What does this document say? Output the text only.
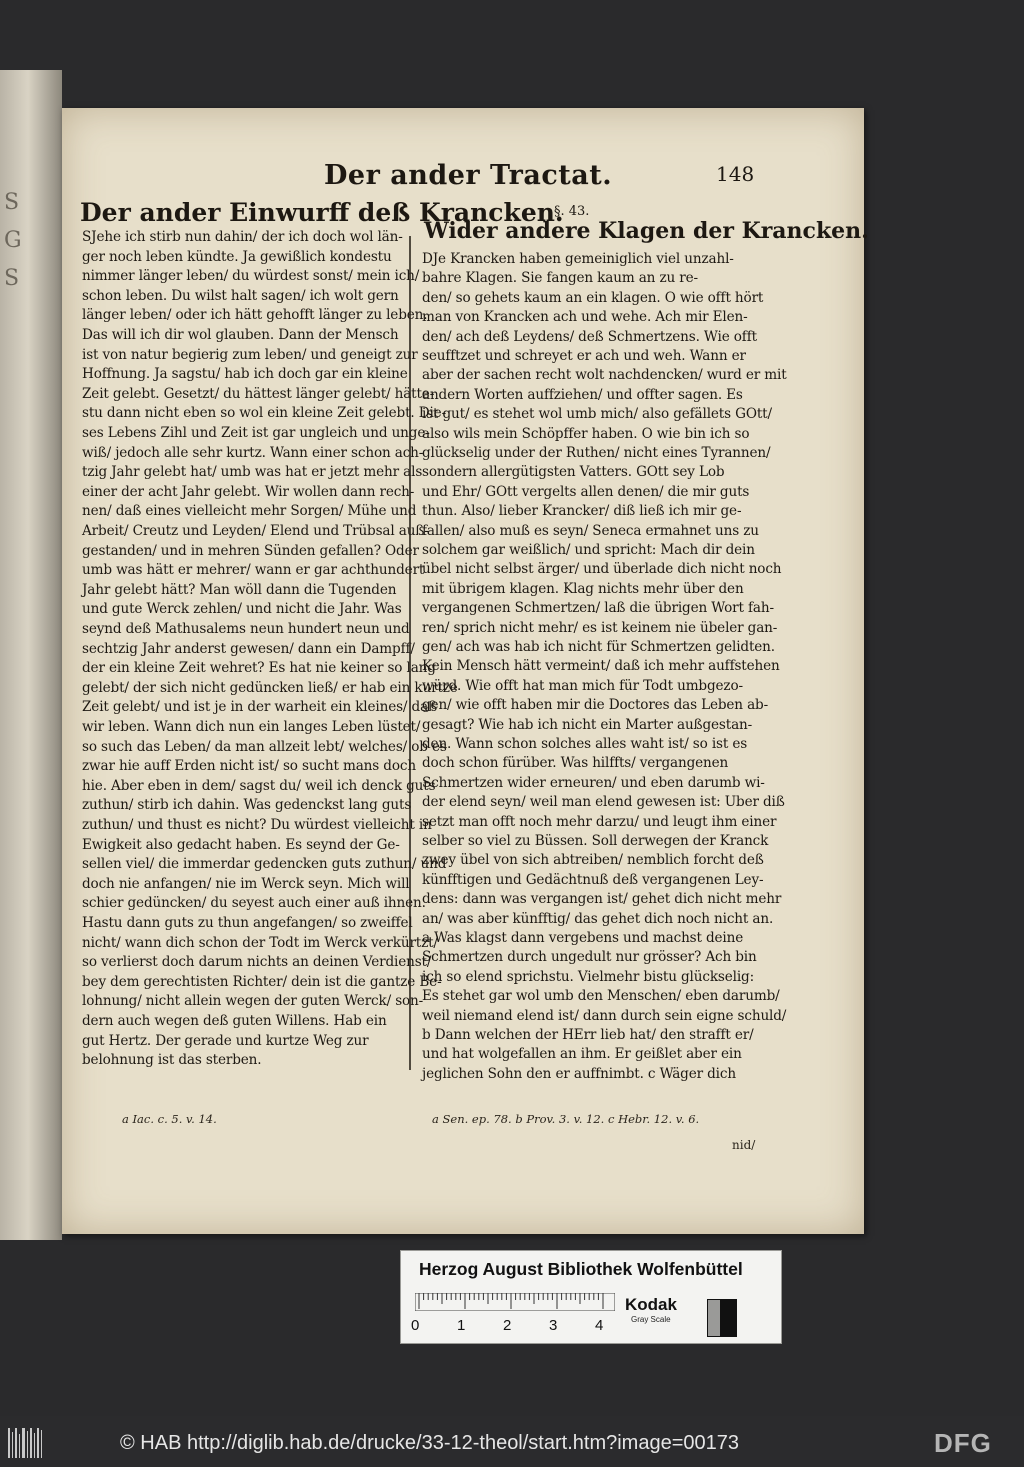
S
G
S
Der ander Tractat.	148
Der ander Einwurff deß Krancken.
§. 43.
Wider andere Klagen der Krancken.
SJehe ich stirb nun dahin/ der ich doch wol län-
ger noch leben kündte. Ja gewißlich kondestu
nimmer länger leben/ du würdest sonst/ mein ich/
schon leben. Du wilst halt sagen/ ich wolt gern
länger leben/ oder ich hätt gehofft länger zu leben.
Das will ich dir wol glauben. Dann der Mensch
ist von natur begierig zum leben/ und geneigt zur
Hoffnung. Ja sagstu/ hab ich doch gar ein kleine
Zeit gelebt. Gesetzt/ du hättest länger gelebt/ hätte-
stu dann nicht eben so wol ein kleine Zeit gelebt. Die-
ses Lebens Zihl und Zeit ist gar ungleich und unge-
wiß/ jedoch alle sehr kurtz. Wann einer schon ach-
tzig Jahr gelebt hat/ umb was hat er jetzt mehr als
einer der acht Jahr gelebt. Wir wollen dann rech-
nen/ daß eines vielleicht mehr Sorgen/ Mühe und
Arbeit/ Creutz und Leyden/ Elend und Trübsal auß-
gestanden/ und in mehren Sünden gefallen? Oder
umb was hätt er mehrer/ wann er gar achthundert
Jahr gelebt hätt? Man wöll dann die Tugenden
und gute Werck zehlen/ und nicht die Jahr. Was
seynd deß Mathusalems neun hundert neun und
sechtzig Jahr anderst gewesen/ dann ein Dampff/
der ein kleine Zeit wehret? Es hat nie keiner so lang
gelebt/ der sich nicht gedüncken ließ/ er hab ein kurtze
Zeit gelebt/ und ist je in der warheit ein kleines/ daß
wir leben. Wann dich nun ein langes Leben lüstet/
so such das Leben/ da man allzeit lebt/ welches/ ob es
zwar hie auff Erden nicht ist/ so sucht mans doch
hie. Aber eben in dem/ sagst du/ weil ich denck guts
zuthun/ stirb ich dahin. Was gedenckst lang guts
zuthun/ und thust es nicht? Du würdest vielleicht in
Ewigkeit also gedacht haben. Es seynd der Ge-
sellen viel/ die immerdar gedencken guts zuthun/ und
doch nie anfangen/ nie im Werck seyn. Mich will
schier gedüncken/ du seyest auch einer auß ihnen.
Hastu dann guts zu thun angefangen/ so zweiffel
nicht/ wann dich schon der Todt im Werck verkürtzt/
so verlierst doch darum nichts an deinen Verdienst/
bey dem gerechtisten Richter/ dein ist die gantze Be-
lohnung/ nicht allein wegen der guten Werck/ son-
dern auch wegen deß guten Willens. Hab ein
gut Hertz. Der gerade und kurtze Weg zur
belohnung ist das sterben.
DJe Krancken haben gemeiniglich viel unzahl-
bahre Klagen. Sie fangen kaum an zu re-
den/ so gehets kaum an ein klagen. O wie offt hört
man von Krancken ach und wehe. Ach mir Elen-
den/ ach deß Leydens/ deß Schmertzens. Wie offt
seufftzet und schreyet er ach und weh. Wann er
aber der sachen recht wolt nachdencken/ wurd er mit
andern Worten auffziehen/ und offter sagen. Es
ist gut/ es stehet wol umb mich/ also gefällets GOtt/
also wils mein Schöpffer haben. O wie bin ich so
glückselig under der Ruthen/ nicht eines Tyrannen/
sondern allergütigsten Vatters. GOtt sey Lob
und Ehr/ GOtt vergelts allen denen/ die mir guts
thun. Also/ lieber Krancker/ diß ließ ich mir ge-
fallen/ also muß es seyn/ Seneca ermahnet uns zu
solchem gar weißlich/ und spricht: Mach dir dein
übel nicht selbst ärger/ und überlade dich nicht noch
mit übrigem klagen. Klag nichts mehr über den
vergangenen Schmertzen/ laß die übrigen Wort fah-
ren/ sprich nicht mehr/ es ist keinem nie übeler gan-
gen/ ach was hab ich nicht für Schmertzen gelidten.
Kein Mensch hätt vermeint/ daß ich mehr auffstehen
würd. Wie offt hat man mich für Todt umbgezo-
gen/ wie offt haben mir die Doctores das Leben ab-
gesagt? Wie hab ich nicht ein Marter außgestan-
den. Wann schon solches alles waht ist/ so ist es
doch schon fürüber. Was hilffts/ vergangenen
Schmertzen wider erneuren/ und eben darumb wi-
der elend seyn/ weil man elend gewesen ist: Uber diß
setzt man offt noch mehr darzu/ und leugt ihm einer
selber so viel zu Büssen. Soll derwegen der Kranck
zwey übel von sich abtreiben/ nemblich forcht deß
künfftigen und Gedächtnuß deß vergangenen Ley-
dens: dann was vergangen ist/ gehet dich nicht mehr
an/ was aber künfftig/ das gehet dich noch nicht an.
a Was klagst dann vergebens und machst deine
Schmertzen durch ungedult nur grösser? Ach bin
ich so elend sprichstu. Vielmehr bistu glückselig:
Es stehet gar wol umb den Menschen/ eben darumb/
weil niemand elend ist/ dann durch sein eigne schuld/
b Dann welchen der HErr lieb hat/ den strafft er/
und hat wolgefallen an ihm. Er geißlet aber ein
jeglichen Sohn den er auffnimbt. c Wäger dich
a Iac. c. 5. v. 14.	a Sen. ep. 78. b Prov. 3. v. 12. c Hebr. 12. v. 6.
nid/
Herzog August Bibliothek Wolfenbüttel
0	1	2	3	4
Kodak
Gray Scale
© HAB http://diglib.hab.de/drucke/33-12-theol/start.htm?image=00173	DFG
